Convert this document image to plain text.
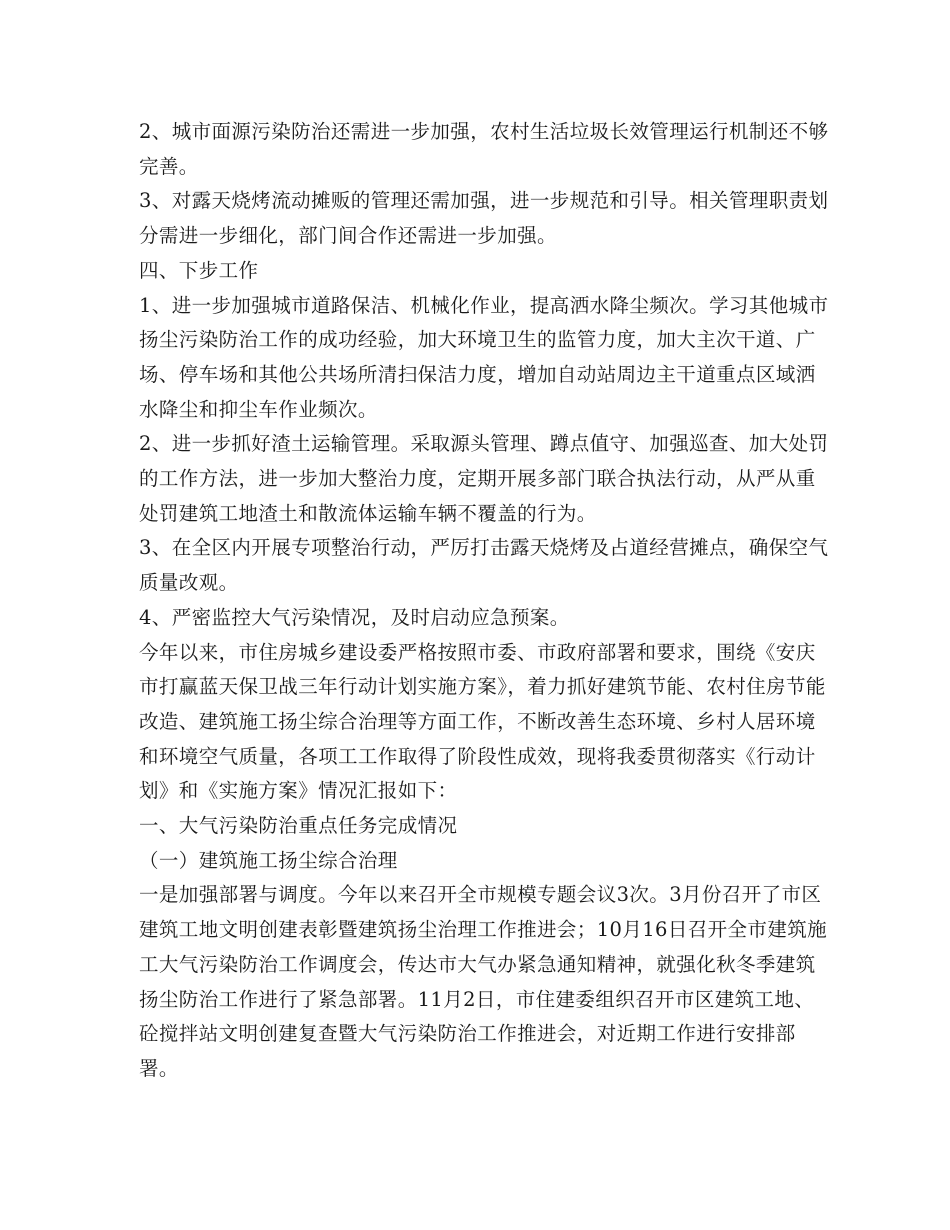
2、城市面源污染防治还需进一步加强，农村生活垃圾长效管理运行机制还不够完善。

3、对露天烧烤流动摊贩的管理还需加强，进一步规范和引导。相关管理职责划分需进一步细化，部门间合作还需进一步加强。

四、下步工作

1、进一步加强城市道路保洁、机械化作业，提高洒水降尘频次。学习其他城市扬尘污染防治工作的成功经验，加大环境卫生的监管力度，加大主次干道、广场、停车场和其他公共场所清扫保洁力度，增加自动站周边主干道重点区域洒水降尘和抑尘车作业频次。

2、进一步抓好渣土运输管理。采取源头管理、蹲点值守、加强巡查、加大处罚的工作方法，进一步加大整治力度，定期开展多部门联合执法行动，从严从重处罚建筑工地渣土和散流体运输车辆不覆盖的行为。

3、在全区内开展专项整治行动，严厉打击露天烧烤及占道经营摊点，确保空气质量改观。

4、严密监控大气污染情况，及时启动应急预案。

今年以来，市住房城乡建设委严格按照市委、市政府部署和要求，围绕《安庆市打赢蓝天保卫战三年行动计划实施方案》，着力抓好建筑节能、农村住房节能改造、建筑施工扬尘综合治理等方面工作，不断改善生态环境、乡村人居环境和环境空气质量，各项工工作取得了阶段性成效，现将我委贯彻落实《行动计划》和《实施方案》情况汇报如下：

一、大气污染防治重点任务完成情况

（一）建筑施工扬尘综合治理

一是加强部署与调度。今年以来召开全市规模专题会议3次。3月份召开了市区建筑工地文明创建表彰暨建筑扬尘治理工作推进会；10月16日召开全市建筑施工大气污染防治工作调度会，传达市大气办紧急通知精神，就强化秋冬季建筑扬尘防治工作进行了紧急部署。11月2日，市住建委组织召开市区建筑工地、砼搅拌站文明创建复查暨大气污染防治工作推进会，对近期工作进行安排部署。
